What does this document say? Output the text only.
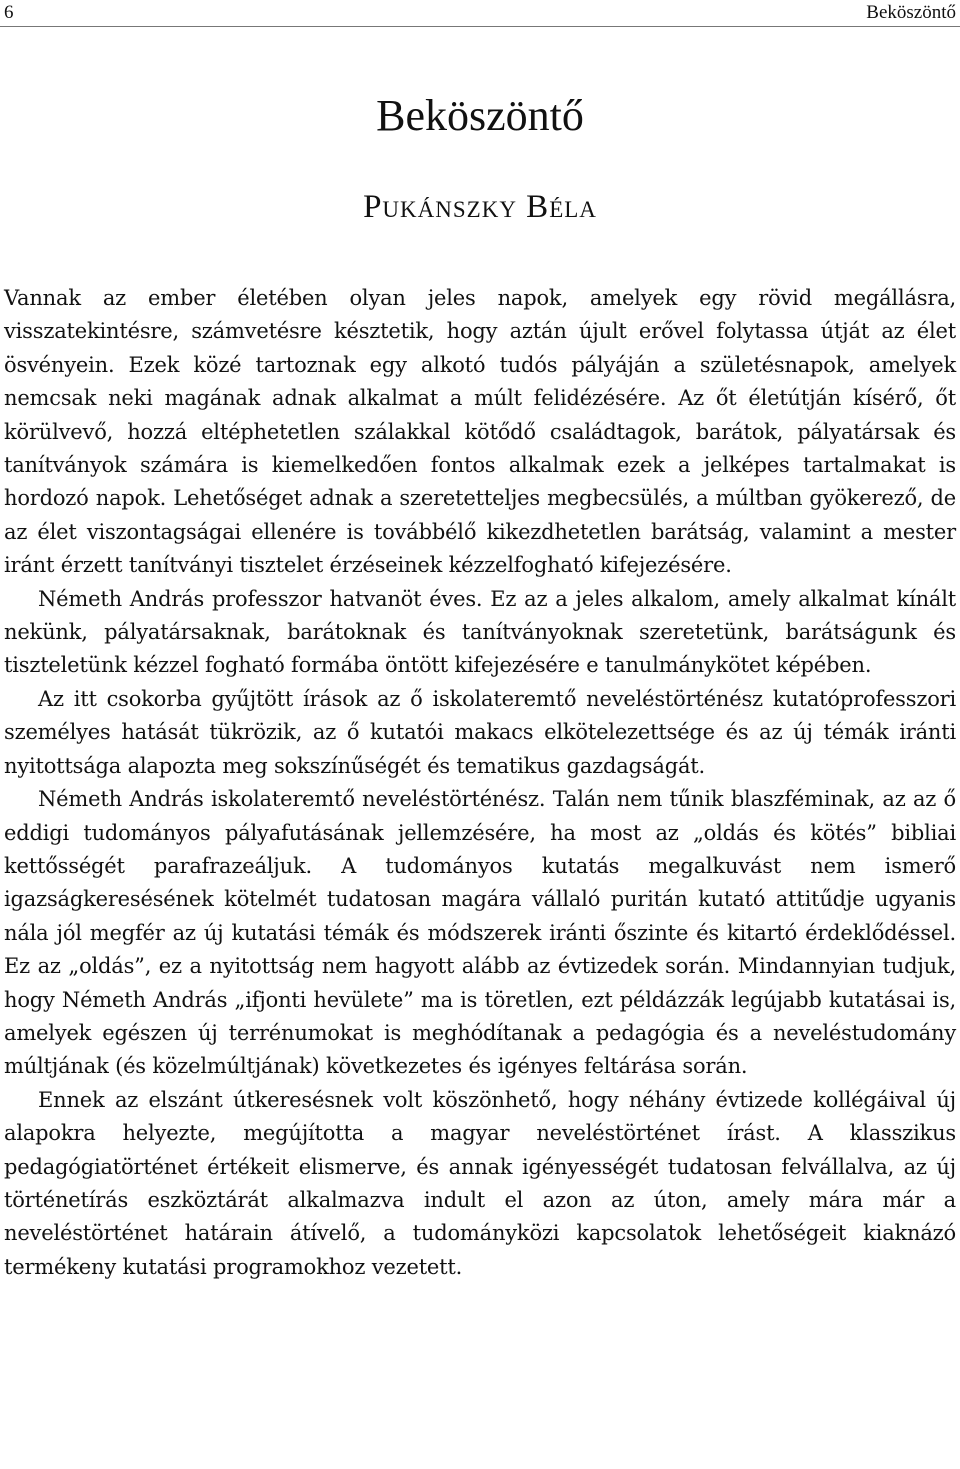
6	Beköszöntő
Beköszöntő
Pukánszky Béla

Vannak az ember életében olyan jeles napok, amelyek egy rövid megállásra, visszatekintésre, számvetésre késztetik, hogy aztán újult erővel folytassa útját az élet ösvényein. Ezek közé tartoznak egy alkotó tudós pályáján a születésnapok, amelyek nemcsak neki magának adnak alkalmat a múlt felidézésére. Az őt életútján kísérő, őt körülvevő, hozzá eltéphetetlen szálakkal kötődő családtagok, barátok, pályatársak és tanítványok számára is kiemelkedően fontos alkalmak ezek a jelképes tartalmakat is hordozó napok. Lehetőséget adnak a szeretetteljes megbecsülés, a múltban gyökerező, de az élet viszontagságai ellenére is továbbélő kikezdhetetlen barátság, valamint a mester iránt érzett tanítványi tisztelet érzéseinek kézzelfogható kifejezésére.

Németh András professzor hatvanöt éves. Ez az a jeles alkalom, amely alkalmat kínált nekünk, pályatársaknak, barátoknak és tanítványoknak szeretetünk, barátságunk és tiszteletünk kézzel fogható formába öntött kifejezésére e tanulmánykötet képében.

Az itt csokorba gyűjtött írások az ő iskolateremtő neveléstörténész kutatóprofesszori személyes hatását tükrözik, az ő kutatói makacs elkötelezettsége és az új témák iránti nyitottsága alapozta meg sokszínűségét és tematikus gazdagságát.

Németh András iskolateremtő neveléstörténész. Talán nem tűnik blaszféminak, az az ő eddigi tudományos pályafutásának jellemzésére, ha most az „oldás és kötés” bibliai kettősségét parafrazeáljuk. A tudományos kutatás megalkuvást nem ismerő igazságkeresésének kötelmét tudatosan magára vállaló puritán kutató attitűdje ugyanis nála jól megfér az új kutatási témák és módszerek iránti őszinte és kitartó érdeklődéssel. Ez az „oldás”, ez a nyitottság nem hagyott alább az évtizedek során. Mindannyian tudjuk, hogy Németh András „ifjonti hevülete” ma is töretlen, ezt példázzák legújabb kutatásai is, amelyek egészen új terrénumokat is meghódítanak a pedagógia és a neveléstudomány múltjának (és közelmúltjának) következetes és igényes feltárása során.

Ennek az elszánt útkeresésnek volt köszönhető, hogy néhány évtizede kollégáival új alapokra helyezte, megújította a magyar neveléstörténet írást. A klasszikus pedagógiatörténet értékeit elismerve, és annak igényességét tudatosan felvállalva, az új történetírás eszköztárát alkalmazva indult el azon az úton, amely mára már a neveléstörténet határain átívelő, a tudományközi kapcsolatok lehetőségeit kiaknázó termékeny kutatási programokhoz vezetett.
